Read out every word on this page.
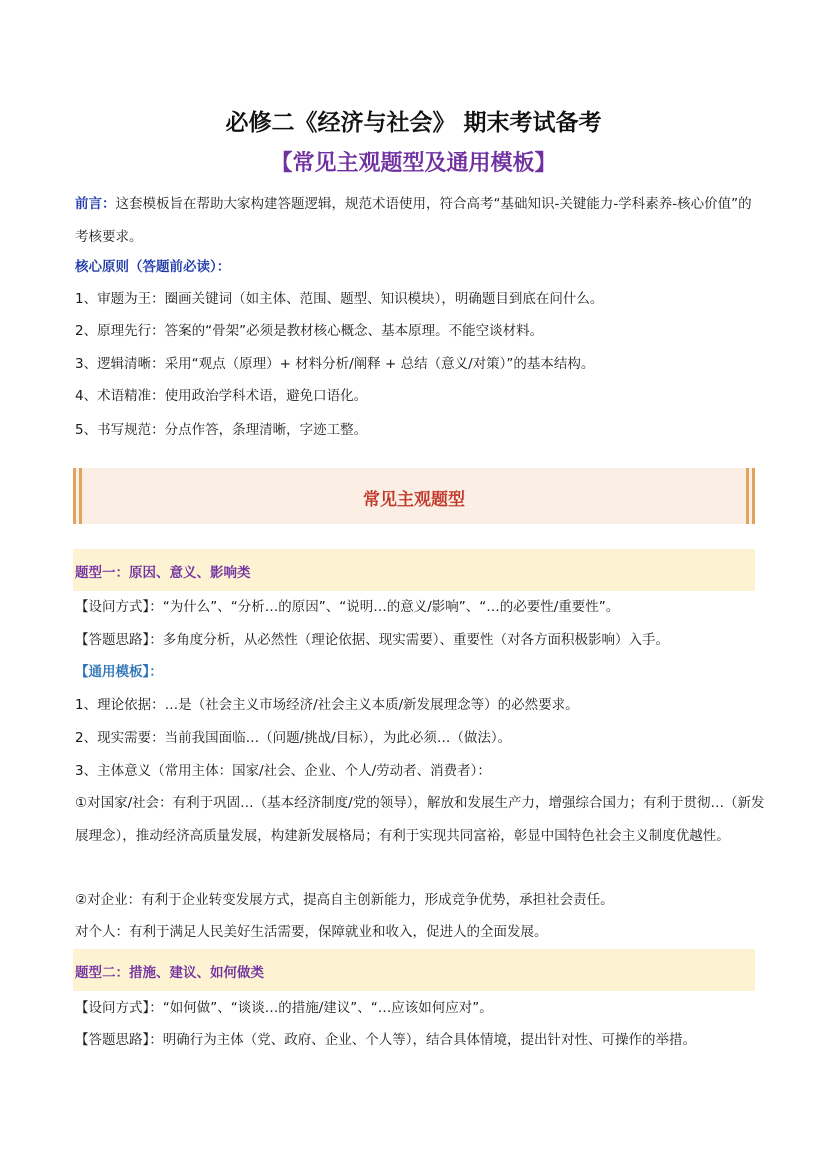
必修二《经济与社会》 期末考试备考
【常见主观题型及通用模板】
前言：这套模板旨在帮助大家构建答题逻辑，规范术语使用，符合高考“基础知识-关键能力-学科素养-核心价值”的考核要求。
核心原则（答题前必读）：
1、审题为王：圈画关键词（如主体、范围、题型、知识模块），明确题目到底在问什么。
2、原理先行：答案的“骨架”必须是教材核心概念、基本原理。不能空谈材料。
3、逻辑清晰：采用“观点（原理）+ 材料分析/阐释 + 总结（意义/对策）”的基本结构。
4、术语精准：使用政治学科术语，避免口语化。
5、书写规范：分点作答，条理清晰，字迹工整。
常见主观题型
题型一：原因、意义、影响类
【设问方式】：“为什么”、“分析…的原因”、“说明…的意义/影响”、“…的必要性/重要性”。
【答题思路】：多角度分析，从必然性（理论依据、现实需要）、重要性（对各方面积极影响）入手。
【通用模板】：
1、理论依据：…是（社会主义市场经济/社会主义本质/新发展理念等）的必然要求。
2、现实需要：当前我国面临…（问题/挑战/目标），为此必须…（做法）。
3、主体意义（常用主体：国家/社会、企业、个人/劳动者、消费者）：
①对国家/社会：有利于巩固…（基本经济制度/党的领导），解放和发展生产力，增强综合国力；有利于贯彻…（新发展理念），推动经济高质量发展，构建新发展格局；有利于实现共同富裕，彰显中国特色社会主义制度优越性。
②对企业：有利于企业转变发展方式，提高自主创新能力，形成竞争优势，承担社会责任。
对个人：有利于满足人民美好生活需要，保障就业和收入，促进人的全面发展。
题型二：措施、建议、如何做类
【设问方式】：“如何做”、“谈谈…的措施/建议”、“…应该如何应对”。
【答题思路】：明确行为主体（党、政府、企业、个人等），结合具体情境，提出针对性、可操作的举措。
